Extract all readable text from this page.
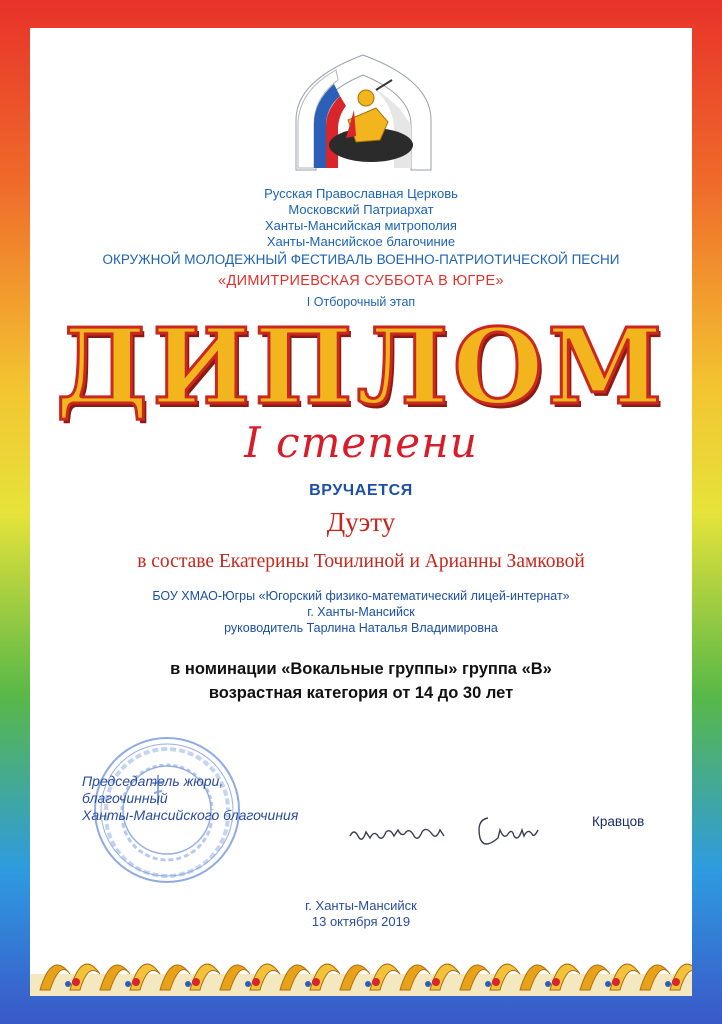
Русская Православная Церковь
Московский Патриархат
Ханты-Мансийская митрополия
Ханты-Мансийское благочиние
ОКРУЖНОЙ МОЛОДЕЖНЫЙ ФЕСТИВАЛЬ ВОЕННО-ПАТРИОТИЧЕСКОЙ ПЕСНИ
«ДИМИТРИЕВСКАЯ СУББОТА В ЮГРЕ»
I Отборочный этап
ДИПЛОМ
I степени
ВРУЧАЕТСЯ
Дуэту
в составе Екатерины Точилиной и Арианны Замковой
БОУ ХМАО-Югры «Югорский физико-математический лицей-интернат»
г. Ханты-Мансийск
руководитель Тарлина Наталья Владимировна
в номинации «Вокальные группы» группа «В»
возрастная категория от 14 до 30 лет
Председатель жюри,
благочинный
Ханты-Мансийского благочиния	Кравцов
г. Ханты-Мансийск
13 октября 2019
